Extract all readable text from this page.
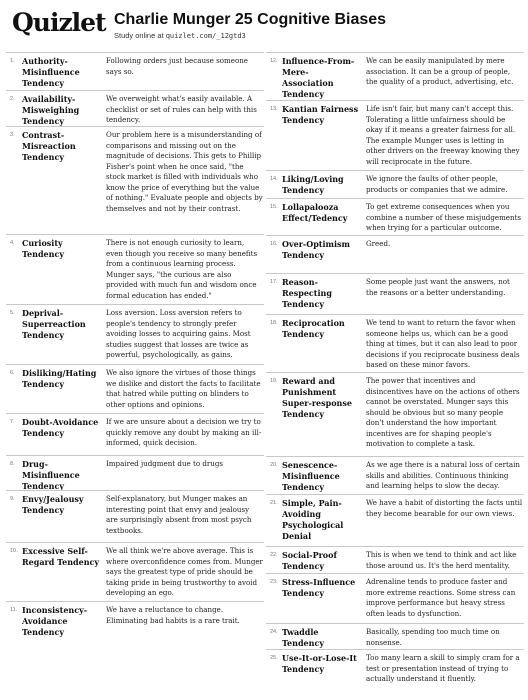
Quizlet Charlie Munger 25 Cognitive Biases
Study online at quizlet.com/_12gtd3
1. Authority-Misinfluence Tendency
Following orders just because someone says so.
2. Availability-Misweighing Tendency
We overweight what's easily available. A checklist or set of rules can help with this tendency.
3. Contrast-Misreaction Tendency
Our problem here is a misunderstanding of comparisons and missing out on the magnitude of decisions. This gets to Phillip Fisher's point when he once said, "the stock market is filled with individuals who know the price of everything but the value of nothing." Evaluate people and objects by themselves and not by their contrast.
4. Curiosity Tendency
There is not enough curiosity to learn, even though you receive so many benefits from a continuous learning process. Munger says, "the curious are also provided with much fun and wisdom once formal education has ended."
5. Deprival-Superreaction Tendency
Loss aversion. Loss aversion refers to people's tendency to strongly prefer avoiding losses to acquiring gains. Most studies suggest that losses are twice as powerful, psychologically, as gains.
6. Disliking/Hating Tendency
We also ignore the virtues of those things we dislike and distort the facts to facilitate that hatred while putting on blinders to other options and opinions.
7. Doubt-Avoidance Tendency
If we are unsure about a decision we try to quickly remove any doubt by making an ill-informed, quick decision.
8. Drug-Misinfluence Tendency
Impaired judgment due to drugs
9. Envy/Jealousy Tendency
Self-explanatory, but Munger makes an interesting point that envy and jealousy are surprisingly absent from most psych textbooks.
10. Excessive Self-Regard Tendency
We all think we're above average. This is where overconfidence comes from. Munger says the greatest type of pride should be taking pride in being trustworthy to avoid developing an ego.
11. Inconsistency-Avoidance Tendency
We have a reluctance to change. Eliminating bad habits is a rare trait.
12. Influence-From-Mere-Association Tendency
We can be easily manipulated by mere association. It can be a group of people, the quality of a product, advertising, etc.
13. Kantian Fairness Tendency
Life isn't fair, but many can't accept this. Tolerating a little unfairness should be okay if it means a greater fairness for all. The example Munger uses is letting in other drivers on the freeway knowing they will reciprocate in the future.
14. Liking/Loving Tendency
We ignore the faults of other people, products or companies that we admire.
15. Lollapalooza Effect/Tedency
To get extreme consequences when you combine a number of these misjudgements when trying for a particular outcome.
16. Over-Optimism Tendency
Greed.
17. Reason-Respecting Tendency
Some people just want the answers, not the reasons or a better understanding.
18. Reciprocation Tendency
We tend to want to return the favor when someone helps us, which can be a good thing at times, but it can also lead to poor decisions if you reciprocate business deals based on these minor favors.
19. Reward and Punishment Super-response Tendency
The power that incentives and disincentives have on the actions of others cannot be overstated. Munger says this should be obvious but so many people don't understand the how important incentives are for shaping people's motivation to complete a task.
20. Senescence-Misinfluence Tendency
As we age there is a natural loss of certain skills and abilities. Continuous thinking and learning helps to slow the decay.
21. Simple, Pain-Avoiding Psychological Denial
We have a habit of distorting the facts until they become bearable for our own views.
22. Social-Proof Tendency
This is when we tend to think and act like those around us. It's the herd mentality.
23. Stress-Influence Tendency
Adrenaline tends to produce faster and more extreme reactions. Some stress can improve performance but heavy stress often leads to dysfunction.
24. Twaddle Tendency
Basically, spending too much time on nonsense.
25. Use-It-or-Lose-It Tendency
Too many learn a skill to simply cram for a test or presentation instead of trying to actually understand it fluently.
